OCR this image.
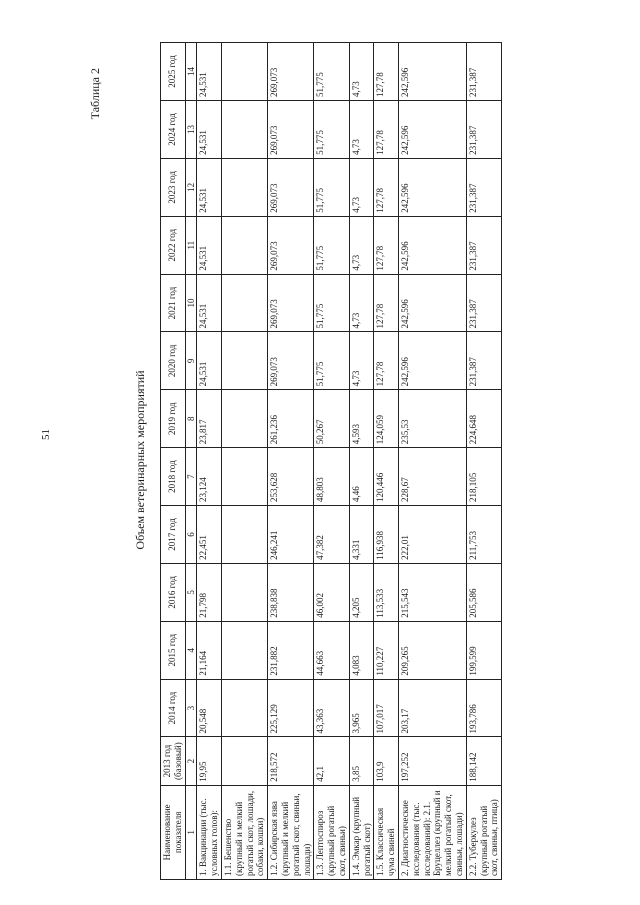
51
Таблица 2
Объем ветеринарных мероприятий
Наименование показателя	2013 год (базовый)	2014 год	2015 год	2016 год	2017 год	2018 год	2019 год	2020 год	2021 год	2022 год	2023 год	2024 год	2025 год
1	2	3	4	5	6	7	8	9	10	11	12	13	14
1. Вакцинации (тыс. условных голов):	19,95	20,548	21,164	21,798	22,451	23,124	23,817	24,531	24,531	24,531	24,531	24,531	24,531
1.1. Бешенство (крупный и мелкий рогатый скот, лошади, собаки, кошки)													
1.2. Сибирская язва (крупный и мелкий рогатый скот, свиньи, лошади)	218,572	225,129	231,882	238,838	246,241	253,628	261,236	269,073	269,073	269,073	269,073	269,073	269,073
1.3. Лептоспироз (крупный рогатый скот, свиньи)	42,1	43,363	44,663	46,002	47,382	48,803	50,267	51,775	51,775	51,775	51,775	51,775	51,775
1.4. Эмкар (крупный рогатый скот)	3,85	3,965	4,083	4,205	4,331	4,46	4,593	4,73	4,73	4,73	4,73	4,73	4,73
1.5. Классическая чума свиней	103,9	107,017	110,227	113,533	116,938	120,446	124,059	127,78	127,78	127,78	127,78	127,78	127,78
2. Диагностические исследования (тыс. исследований): 2.1. Бруцеллез (крупный и мелкий рогатый скот, свиньи, лошади)	197,252	203,17	209,265	215,543	222,01	228,67	235,53	242,596	242,596	242,596	242,596	242,596	242,596
2.2. Туберкулез (крупный рогатый скот, свиньи, птица)	188,142	193,786	199,599	205,586	211,753	218,105	224,648	231,387	231,387	231,387	231,387	231,387	231,387
